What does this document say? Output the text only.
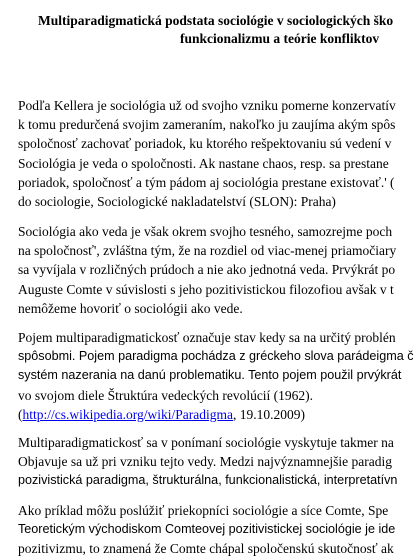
Multiparadigmatická podstata sociológie v sociologických ško
funkcionalizmu a teórie konfliktov

Podľa Kellera je sociológia už od svojho vzniku pomerne konzervatív
k tomu predurčená svojim zameraním, nakoľko ju zaujíma akým spôs
spoločnosť zachovať poriadok, ku ktorého rešpektovaniu sú vedení v
Sociológia je veda o spoločnosti. Ak nastane chaos, resp. sa prestane
poriadok, spoločnosť a tým pádom aj sociológia prestane existovať.' (
do sociologie, Sociologické nakladatelství (SLON): Praha)

Sociológia ako veda je však okrem svojho tesného, samozrejme poch
na spoločnosť', zvláštna tým, že na rozdiel od viac-menej priamočiary
sa vyvíjala v rozličných prúdoch a nie ako jednotná veda. Prvýkrát po
Auguste Comte v súvislosti s jeho pozitivistickou filozofiou avšak v t
nemôžeme hovoriť o sociológii ako vede.

Pojem multiparadigmatickosť označuje stav kedy sa na určitý problén
spôsobmi. Pojem paradigma pochádza z gréckeho slova parádeigma č
systém nazerania na danú problematiku. Tento pojem použil prvýkrát
vo svojom diele Štruktúra vedeckých revolúcií (1962).
(http://cs.wikipedia.org/wiki/Paradigma, 19.10.2009)

Multiparadigmatickosť sa v ponímaní sociológie vyskytuje takmer na
Objavuje sa už pri vzniku tejto vedy. Medzi najvýznamnejšie paradig
pozivistická paradigma, štrukturálna, funkcionalistická, interpretatívn

Ako príklad môžu poslúžiť priekopníci sociológie a síce Comte, Spe
Teoretickým východiskom Comteovej pozitivistickej sociológie je ide
pozitivizmu, to znamená že Comte chápal spoločenskú skutočnosť ak
